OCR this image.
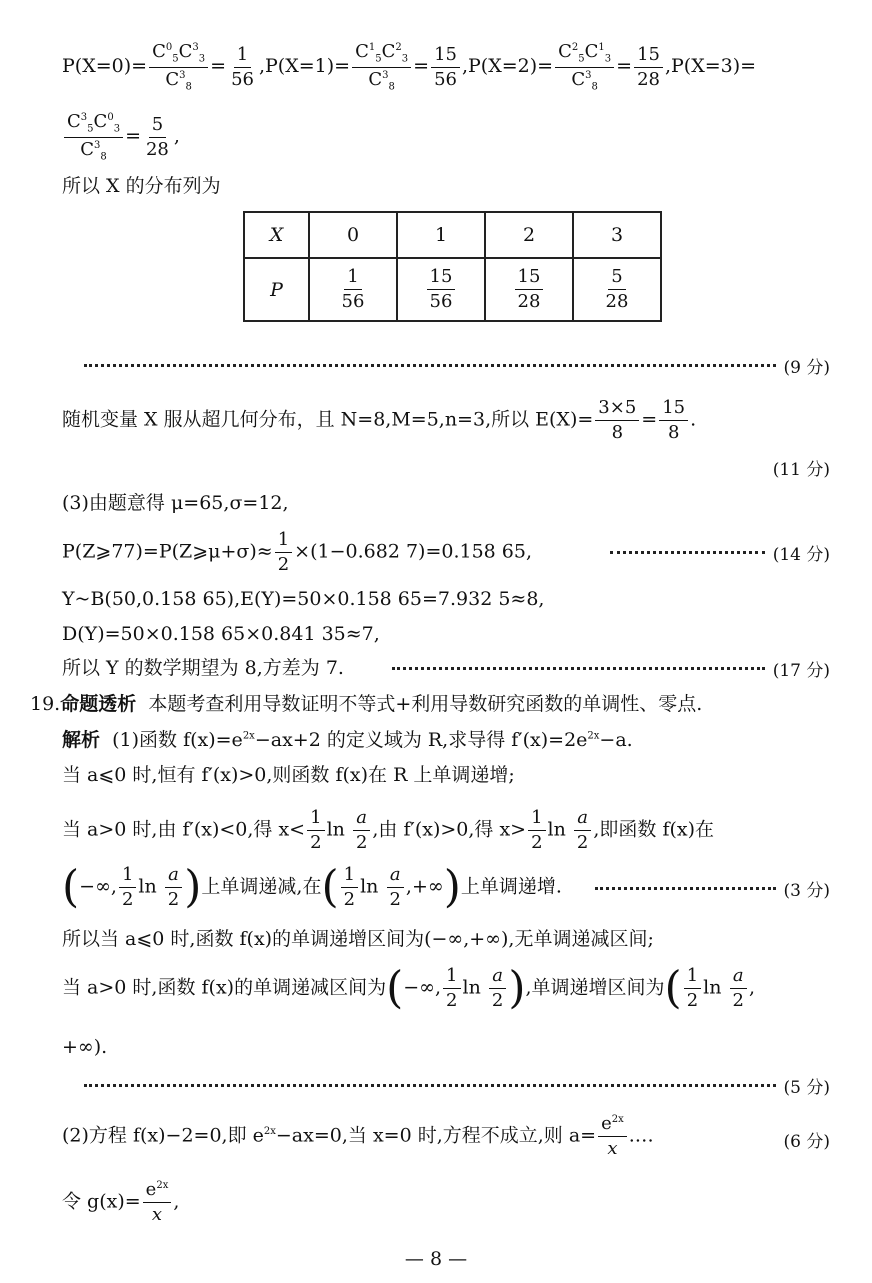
$P(X=0)= \frac{C^0_5C^3_3}{C^3_8} = \frac{1}{56} ,P(X=1)= \frac{C^1_5C^2_3}{C^3_8} = \frac{15}{56} ,P(X=2)= \frac{C^2_5C^1_3}{C^3_8} = \frac{15}{28} ,P(X=3)=$
$\frac{C^3_5C^0_3}{C^3_8} = \frac{5}{28}$ ,
所以 X 的分布列为
X	0	1	2	3
P	$\frac{1}{56}$	$\frac{15}{56}$	$\frac{15}{28}$	$\frac{5}{28}$
(9 分)
随机变量 X 服从超几何分布，且 N=8,M=5,n=3,所以 $E(X)= \frac{3\times 5}{8} = \frac{15}{8}$ .
(11 分)
(3)由题意得 μ=65,σ=12,
P(Z⩾77)=P(Z⩾μ+σ)≈ $\frac{1}{2} \times(1-0.682$ 7)=0.158 65,	(14 分)
Y~B(50,0.158 65),E(Y)=50×0.158 65=7.932 5≈8,
D(Y)=50×0.158 65×0.841 35≈7,
所以 Y 的数学期望为 8,方差为 7.	(17 分)
19.命题透析 本题考查利用导数证明不等式+利用导数研究函数的单调性、零点.
解析 (1)函数 $f(x)=e^{2x}-ax+2$ 的定义域为 R,求导得 $f'(x)=2e^{2x}-a$.
当 a⩽0 时,恒有 f′(x)>0,则函数 f(x)在 R 上单调递增;
当 a>0 时,由 f′(x)<0,得 $x< \frac{1}{2}$ $\ln \frac{a}{2}$ ,由 f′(x)>0,得 $x> \frac{1}{2}$ $\ln \frac{a}{2}$ ,即函数 f(x)在
(−∞, $\frac{1}{2}$ $\ln \frac{a}{2}$ )上单调递减,在( $\frac{1}{2}$ $\ln \frac{a}{2}$ ,+∞)上单调递增.	(3 分)
所以当 a⩽0 时,函数 f(x)的单调递增区间为(−∞,+∞),无单调递减区间;
当 a>0 时,函数 f(x)的单调递减区间为(−∞, $\frac{1}{2}$ $\ln \frac{a}{2}$ ),单调递增区间为( $\frac{1}{2}$ $\ln \frac{a}{2}$ ,
+∞).
(5 分)
(2)方程 f(x)−2=0,即 $e^{2x}-ax=0$,当 x=0 时,方程不成立,则 $a= \frac{e^{2x}}{x}$ .…	(6 分)
令 $g(x)= \frac{e^{2x}}{x}$ ,
— 8 —
